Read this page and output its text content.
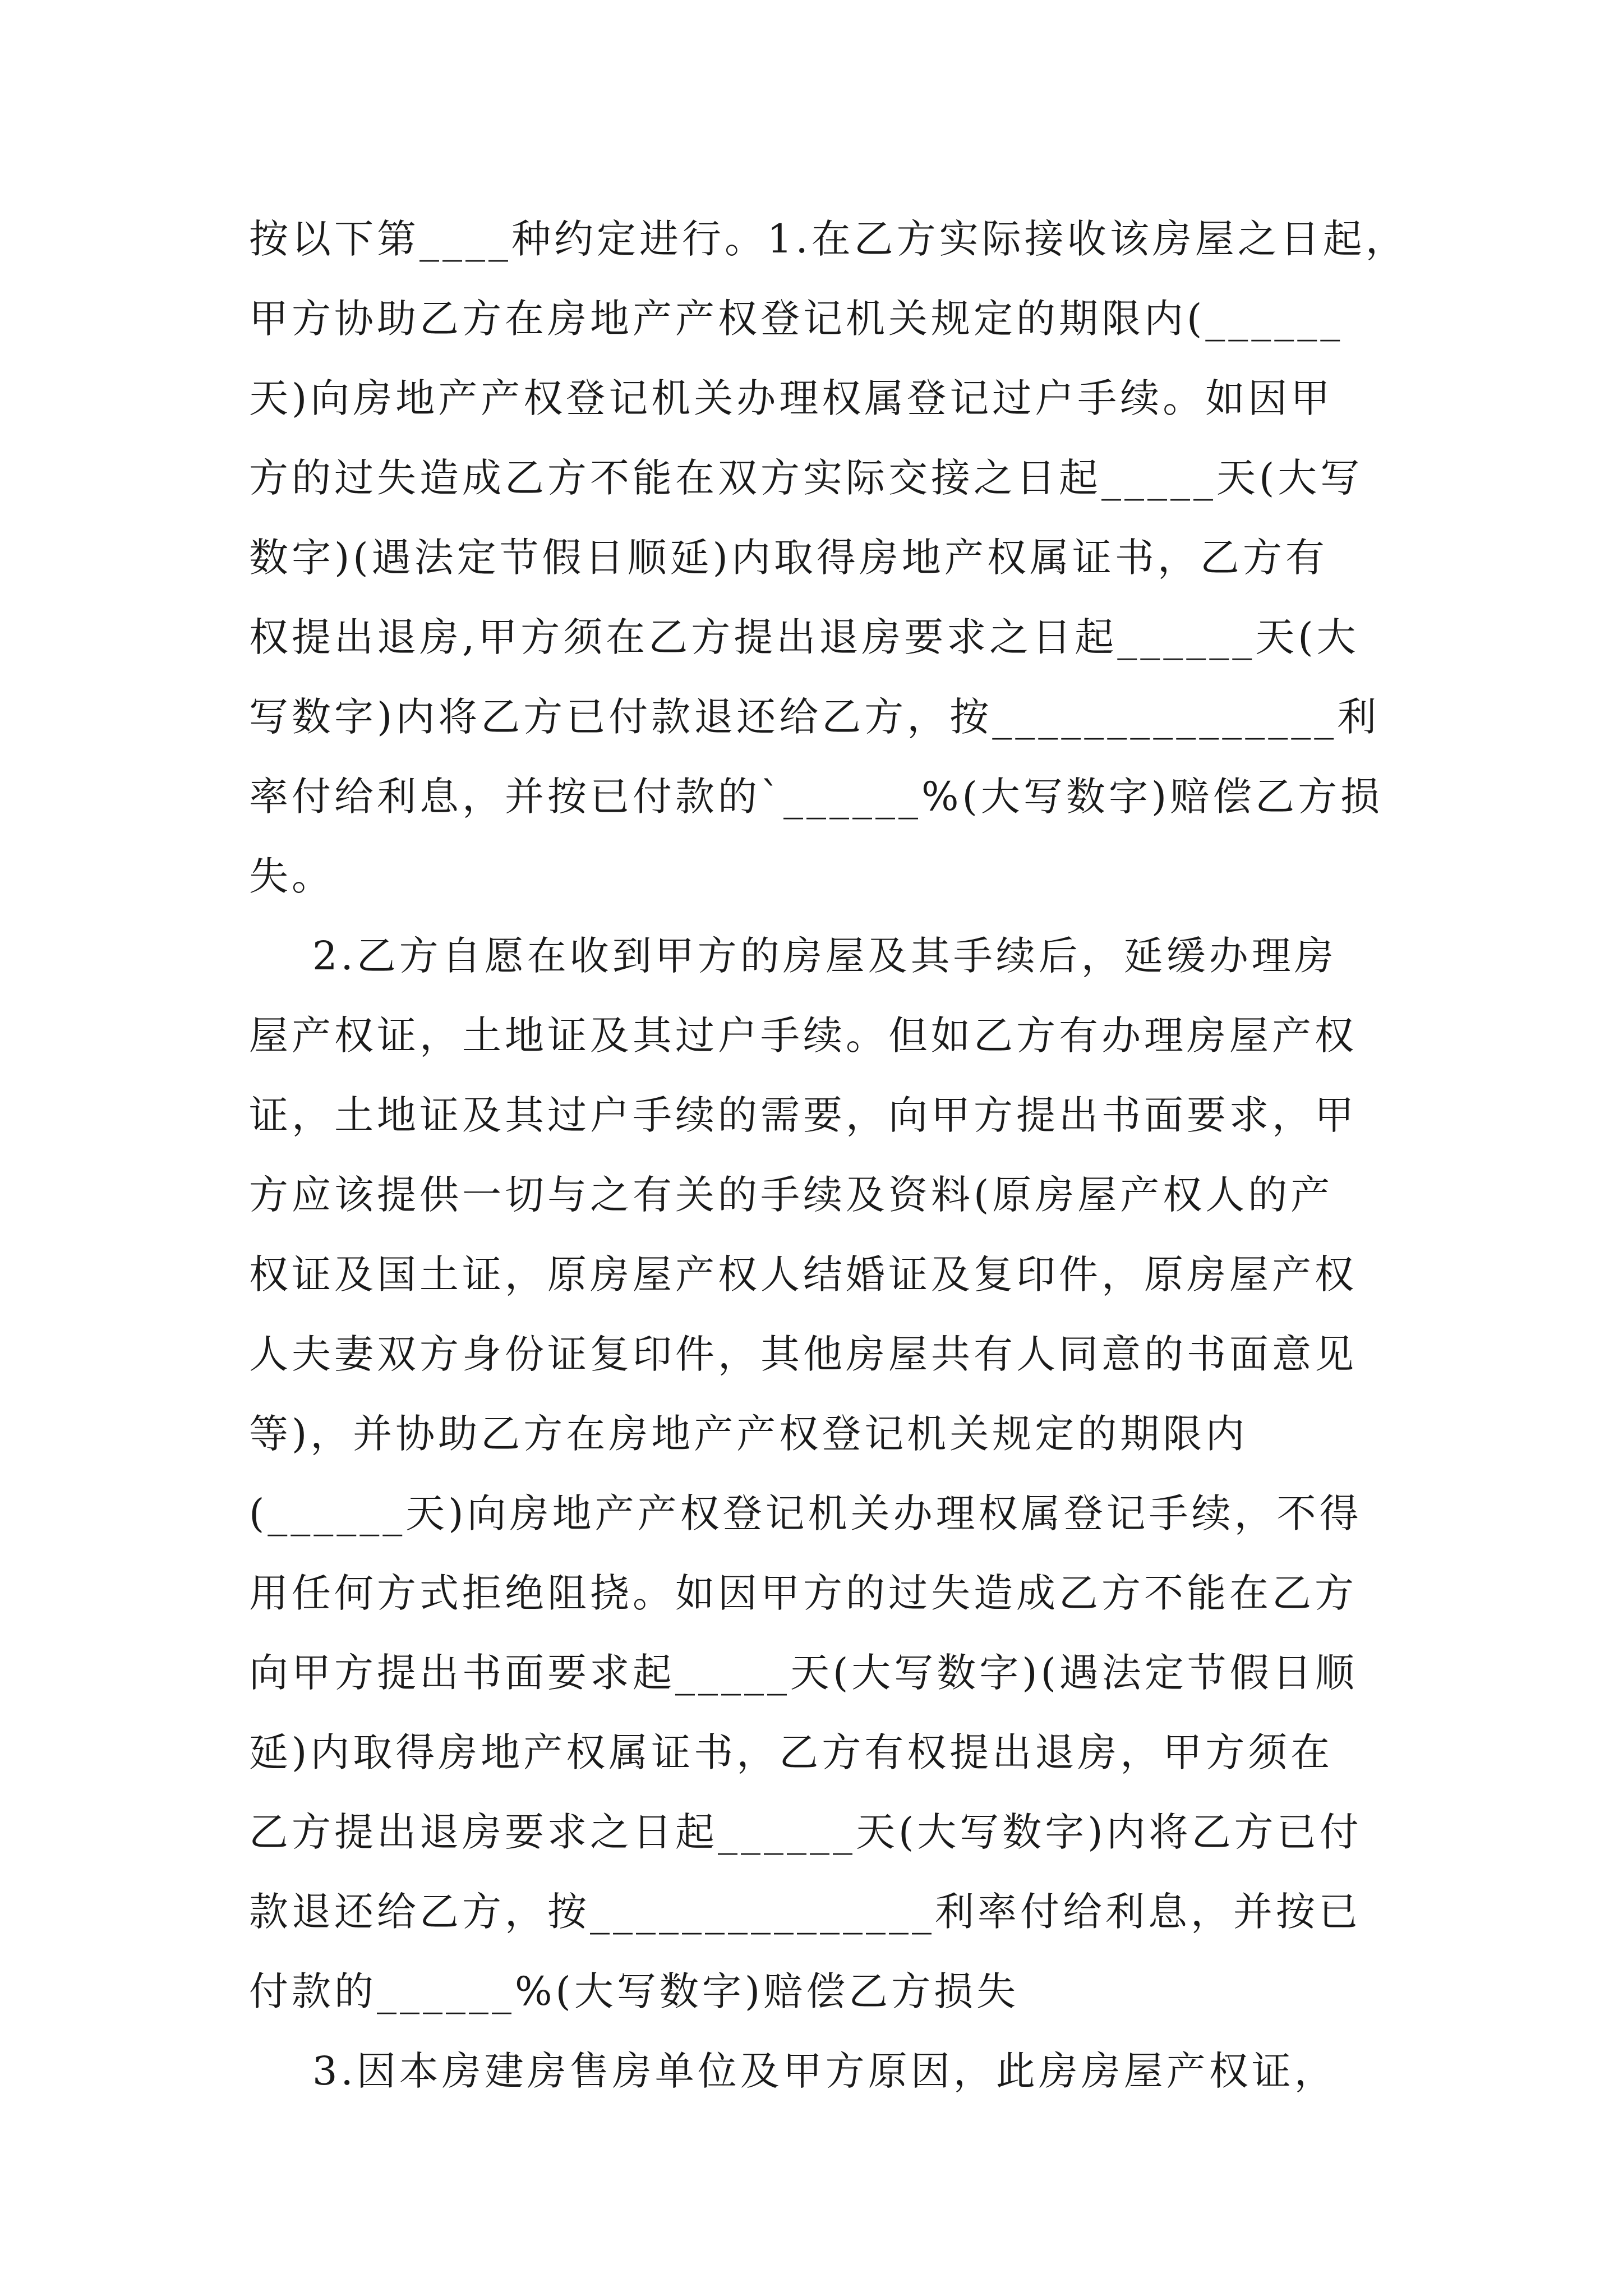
按以下第____种约定进行。1.在乙方实际接收该房屋之日起，
甲方协助乙方在房地产产权登记机关规定的期限内(______
天)向房地产产权登记机关办理权属登记过户手续。如因甲
方的过失造成乙方不能在双方实际交接之日起_____天(大写
数字)(遇法定节假日顺延)内取得房地产权属证书，乙方有
权提出退房,甲方须在乙方提出退房要求之日起______天(大
写数字)内将乙方已付款退还给乙方，按_______________利
率付给利息，并按已付款的`______%(大写数字)赔偿乙方损
失。
2.乙方自愿在收到甲方的房屋及其手续后，延缓办理房
屋产权证，土地证及其过户手续。但如乙方有办理房屋产权
证，土地证及其过户手续的需要，向甲方提出书面要求，甲
方应该提供一切与之有关的手续及资料(原房屋产权人的产
权证及国土证，原房屋产权人结婚证及复印件，原房屋产权
人夫妻双方身份证复印件，其他房屋共有人同意的书面意见
等)，并协助乙方在房地产产权登记机关规定的期限内
(______天)向房地产产权登记机关办理权属登记手续，不得
用任何方式拒绝阻挠。如因甲方的过失造成乙方不能在乙方
向甲方提出书面要求起_____天(大写数字)(遇法定节假日顺
延)内取得房地产权属证书，乙方有权提出退房，甲方须在
乙方提出退房要求之日起______天(大写数字)内将乙方已付
款退还给乙方，按_______________利率付给利息，并按已
付款的______%(大写数字)赔偿乙方损失
3.因本房建房售房单位及甲方原因，此房房屋产权证，
